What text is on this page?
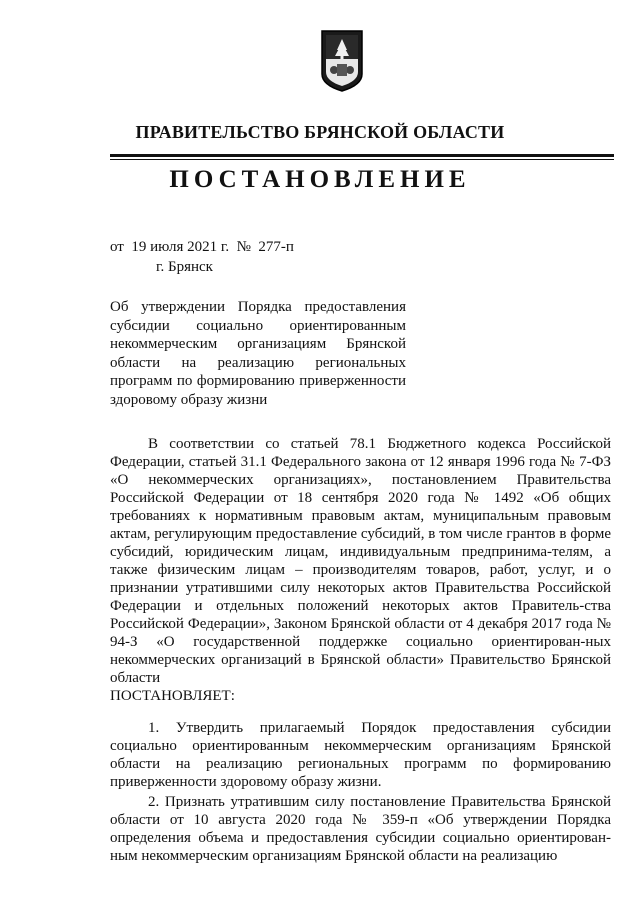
ПРАВИТЕЛЬСТВО БРЯНСКОЙ ОБЛАСТИ
ПОСТАНОВЛЕНИЕ
от  19 июля 2021 г.  №  277-п
г. Брянск
Об утверждении Порядка предоставления субсидии социально ориентированным некоммерческим организациям Брянской области на реализацию региональных программ по формированию приверженности здоровому образу жизни

В соответствии со статьей 78.1 Бюджетного кодекса Российской Федерации, статьей 31.1 Федерального закона от 12 января 1996 года № 7-ФЗ «О некоммерческих организациях», постановлением Правительства Российской Федерации от 18 сентября 2020 года № 1492 «Об общих требованиях к нормативным правовым актам, муниципальным правовым актам, регулирующим предоставление субсидий, в том числе грантов в форме субсидий, юридическим лицам, индивидуальным предпринима-телям, а также физическим лицам – производителям товаров, работ, услуг, и о признании утратившими силу некоторых актов Правительства Российской Федерации и отдельных положений некоторых актов Правитель-ства Российской Федерации», Законом Брянской области от 4 декабря 2017 года № 94-З «О государственной поддержке социально ориентирован-ных некоммерческих организаций в Брянской области» Правительство Брянской области

ПОСТАНОВЛЯЕТ:

1. Утвердить прилагаемый Порядок предоставления субсидии социально ориентированным некоммерческим организациям Брянской области на реализацию региональных программ по формированию приверженности здоровому образу жизни.

2. Признать утратившим силу постановление Правительства Брянской области от 10 августа 2020 года № 359-п «Об утверждении Порядка определения объема и предоставления субсидии социально ориентирован-ным некоммерческим организациям Брянской области на реализацию
